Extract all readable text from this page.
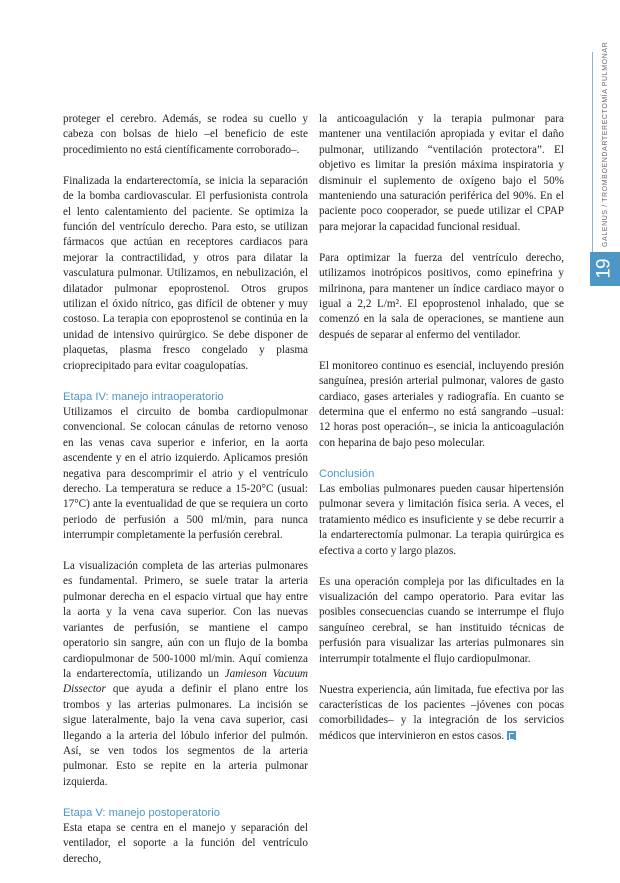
GALENUS / TROMBOENDARTERECTOMÍA PULMONAR
19

proteger el cerebro. Además, se rodea su cuello y cabeza con bolsas de hielo –el beneficio de este procedimiento no está científicamente corroborado–.

Finalizada la endarterectomía, se inicia la separación de la bomba cardiovascular. El perfusionista controla el lento calentamiento del paciente. Se optimiza la función del ventrículo derecho. Para esto, se utilizan fármacos que actúan en receptores cardiacos para mejorar la contractilidad, y otros para dilatar la vasculatura pulmonar. Utilizamos, en nebulización, el dilatador pulmonar epoprostenol. Otros grupos utilizan el óxido nítrico, gas difícil de obtener y muy costoso. La terapia con epoprostenol se continúa en la unidad de intensivo quirúrgico. Se debe disponer de plaquetas, plasma fresco congelado y plasma crioprecipitado para evitar coagulopatías.

Etapa IV: manejo intraoperatorio

Utilizamos el circuito de bomba cardiopulmonar convencional. Se colocan cánulas de retorno venoso en las venas cava superior e inferior, en la aorta ascendente y en el atrio izquierdo. Aplicamos presión negativa para descomprimir el atrio y el ventrículo derecho. La temperatura se reduce a 15-20°C (usual: 17°C) ante la eventualidad de que se requiera un corto periodo de perfusión a 500 ml/min, para nunca interrumpir completamente la perfusión cerebral.

La visualización completa de las arterias pulmonares es fundamental. Primero, se suele tratar la arteria pulmonar derecha en el espacio virtual que hay entre la aorta y la vena cava superior. Con las nuevas variantes de perfusión, se mantiene el campo operatorio sin sangre, aún con un flujo de la bomba cardiopulmonar de 500-1000 ml/min. Aquí comienza la endarterectomía, utilizando un Jamieson Vacuum Dissector que ayuda a definir el plano entre los trombos y las arterias pulmonares. La incisión se sigue lateralmente, bajo la vena cava superior, casi llegando a la arteria del lóbulo inferior del pulmón. Así, se ven todos los segmentos de la arteria pulmonar. Esto se repite en la arteria pulmonar izquierda.

Etapa V: manejo postoperatorio

Esta etapa se centra en el manejo y separación del ventilador, el soporte a la función del ventrículo derecho,

la anticoagulación y la terapia pulmonar para mantener una ventilación apropiada y evitar el daño pulmonar, utilizando “ventilación protectora”. El objetivo es limitar la presión máxima inspiratoria y disminuir el suplemento de oxígeno bajo el 50% manteniendo una saturación periférica del 90%. En el paciente poco cooperador, se puede utilizar el CPAP para mejorar la capacidad funcional residual.

Para optimizar la fuerza del ventrículo derecho, utilizamos inotrópicos positivos, como epinefrina y milrinona, para mantener un índice cardiaco mayor o igual a 2,2 L/m². El epoprostenol inhalado, que se comenzó en la sala de operaciones, se mantiene aun después de separar al enfermo del ventilador.

El monitoreo continuo es esencial, incluyendo presión sanguínea, presión arterial pulmonar, valores de gasto cardiaco, gases arteriales y radiografía. En cuanto se determina que el enfermo no está sangrando –usual: 12 horas post operación–, se inicia la anticoagulación con heparina de bajo peso molecular.

Conclusión

Las embolias pulmonares pueden causar hipertensión pulmonar severa y limitación física seria. A veces, el tratamiento médico es insuficiente y se debe recurrir a la endarterectomía pulmonar. La terapia quirúrgica es efectiva a corto y largo plazos.

Es una operación compleja por las dificultades en la visualización del campo operatorio. Para evitar las posibles consecuencias cuando se interrumpe el flujo sanguíneo cerebral, se han instituido técnicas de perfusión para visualizar las arterias pulmonares sin interrumpir totalmente el flujo cardiopulmonar.

Nuestra experiencia, aún limitada, fue efectiva por las características de los pacientes –jóvenes con pocas comorbilidades– y la integración de los servicios médicos que intervinieron en estos casos.
